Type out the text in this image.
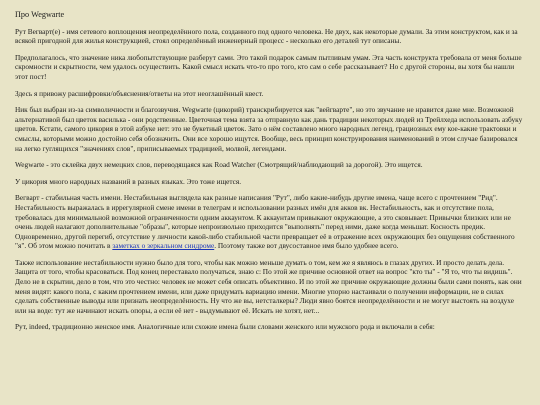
Про Wegwarte

Рут Вегварт(е) - имя сетевого воплощения неопределённого пола, созданного под одного человека. Не двух, как некоторые думали. За этим конструктом, как и за всякой пригодной для жилья конструкцией, стоял определённый инженерный процесс - несколько его деталей тут описаны.

Предполагалось, что значение ника любопытствующие разберут сами. Это такой подарок самым пытливым умам. Эта часть конструкта требовала от меня больше скромности и скрытности, чем удалось осуществить. Какой смысл искать что-то про того, кто сам о себе рассказывает? Но с другой стороны, вы хотя бы нашли этот пост!

Здесь я привожу расшифровки/объяснения/ответы на этот неоглашённый квест.

Ник был выбран из-за символичности и благозвучия. Wegwarte (цикорий) транскрибируется как "вейгварте", но это звучание не нравится даже мне. Возможной альтернативой был цветок василька - они родственные. Цветочная тема взята за отправную как дань традиции некоторых людей из Трейлхеда использовать азбуку цветов. Кстати, самого цикория в этой азбуке нет: это не букетный цветок. Зато о нём составлено много народных легенд, грациозных ему кое-какие трактовки и смыслы, которыми можно достойно себя обозначить. Они все хорошо ищутся. Вообще, весь принцип конструирования наименований в этом случае базировался на легко гуглящихся "значениях слов", приписываемых традицией, молвой, легендами.

Wegwarte - это склейка двух немецких слов, переводящаяся как Road Watcher (Смотрящий/наблюдающий за дорогой). Это ищется.

У цикория много народных названий в разных языках. Это тоже ищется.

Вегварт - стабильная часть имени. Нестабильная выглядела как разные написания "Рут", либо какие-нибудь другие имена, чаще всего с прочтением "Рид". Нестабильность выражалась в иррегулярной смене имени в телеграм и использовании разных имён для акков вк. Нестабильность, как и отсутствие пола, требовалась для минимальной возможной ограниченности одним аккаунтом. К аккаунтам привыкают окружающие, а это сковывает. Привычки близких или не очень людей налагают дополнительные "образы", которые непроизвольно приходится "выполнять" перед ними, даже когда меньшат. Косность предик. Одновременно, другой перегиб, отсутствие у личности какой-либо стабильной части превращает её в отражение всех окружающих без ощущения собственного "я". Об этом можно почитать в заметках о зеркальном синдроме. Поэтому также вот двусоставное имя было удобнее всего.

Также использование нестабильности нужно было для того, чтобы как можно меньше думать о том, кем же я являюсь в глазах других. И просто делать дела. Защита от того, чтобы красоваться. Под конец переставало получаться, знаю с: По этой же причине основной ответ на вопрос "кто ты" - "Я то, что ты видишь". Дело не в скрытии, дело в том, что это честно: человек не может себя описать объективно. И по этой же причине окружающие должны были сами понять, как они меня видят: какого пола, с каким прочтением имени, или даже придумать вариацию имени. Многие упорно настаивали о получении информации, не в силах сделать собственные выводы или признать неопределённость. Ну что же вы, нетсталкеры? Люди явно боятся неопределённости и не могут выстоять на воздухе или на воде: тут же начинают искать опоры, а если её нет - выдумывают её. Искать не хотят, нет...

Рут, indeed, традиционно женское имя. Аналогичные или схожие имена были словами женского или мужского рода и включали в себя:
